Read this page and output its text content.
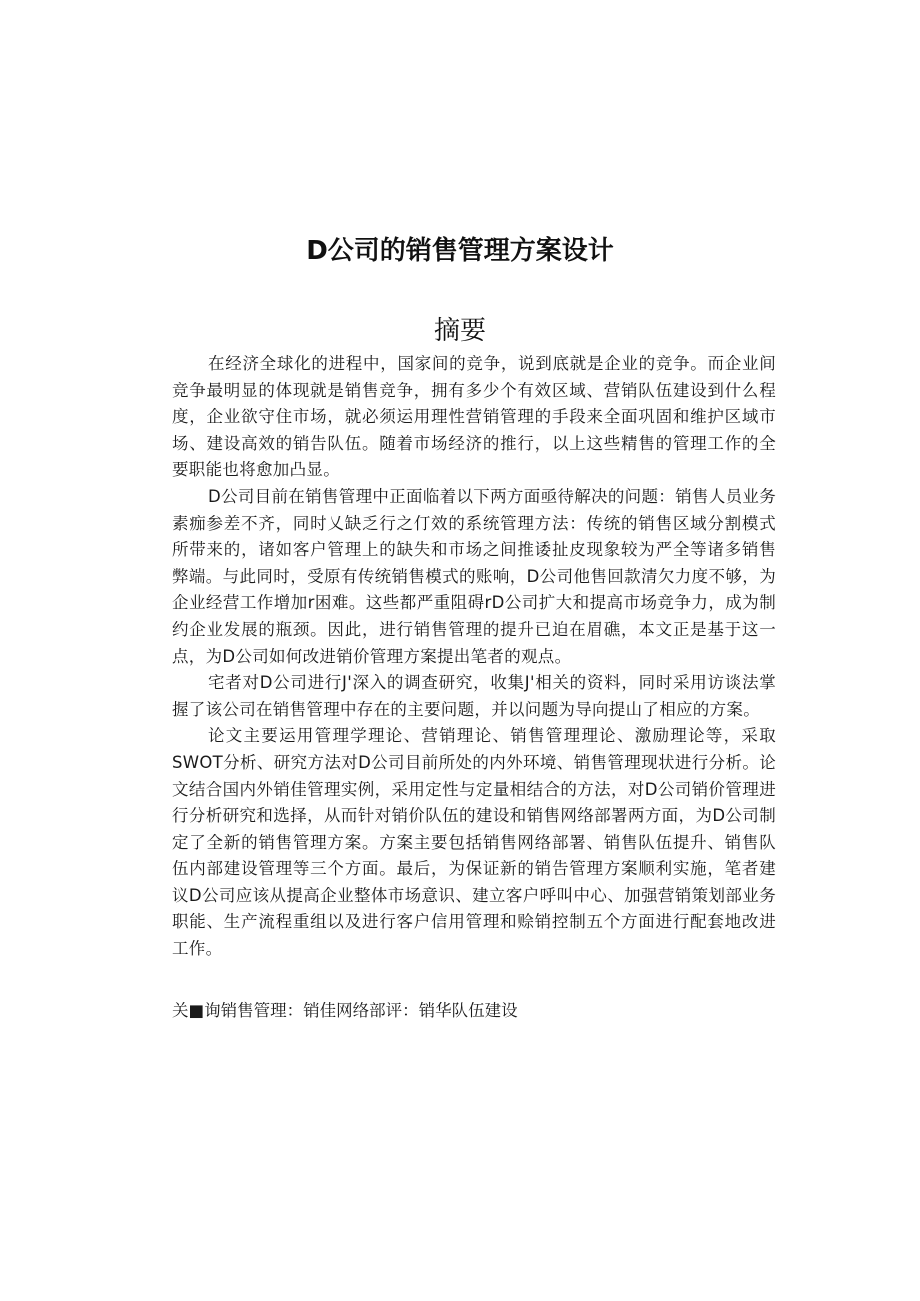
D公司的销售管理方案设计
摘要

在经济全球化的进程中，国家间的竞争，说到底就是企业的竞争。而企业间竞争最明显的体现就是销售竞争，拥有多少个有效区域、营销队伍建设到什么程度，企业欲守住市场，就必须运用理性营销管理的手段来全面巩固和维护区域市场、建设高效的销告队伍。随着市场经济的推行，以上这些精售的管理工作的全要职能也将愈加凸显。

D公司目前在销售管理中正面临着以下两方面亟待解决的问题：销售人员业务素痂参差不齐，同时乂缺乏行之仃效的系统管理方法：传统的销售区域分割模式所带来的，诸如客户管理上的缺失和市场之间推诿扯皮现象较为严全等诸多销售弊端。与此同时，受原有传统销售模式的账响，D公司他售回款清欠力度不够，为企业经营工作增加r困难。这些都严重阻碍rD公司扩大和提高市场竞争力，成为制约企业发展的瓶颈。因此，进行销售管理的提升已迫在眉礁，本文正是基于这一点，为D公司如何改进销价管理方案提出笔者的观点。

宅者对D公司进行J'深入的调查研究，收集J'相关的资料，同时采用访谈法掌握了该公司在销售管理中存在的主要问题，并以问题为导向提山了相应的方案。

论文主要运用管理学理论、营销理论、销售管理理论、激励理论等，采取SWOT分析、研究方法对D公司目前所处的内外环境、销售管理现状进行分析。论文结合国内外销佳管理实例，采用定性与定量相结合的方法，对D公司销价管理进行分析研究和选择，从而针对销价队伍的建设和销售网络部署两方面，为D公司制定了全新的销售管理方案。方案主要包括销售网络部署、销售队伍提升、销售队伍内部建设管理等三个方面。最后，为保证新的销告管理方案顺利实施，笔者建议D公司应该从提高企业整体市场意识、建立客户呼叫中心、加强营销策划部业务职能、生产流程重组以及进行客户信用管理和赊销控制五个方面进行配套地改进工作。

关■询销售管理：销佳网络部评：销华队伍建设
